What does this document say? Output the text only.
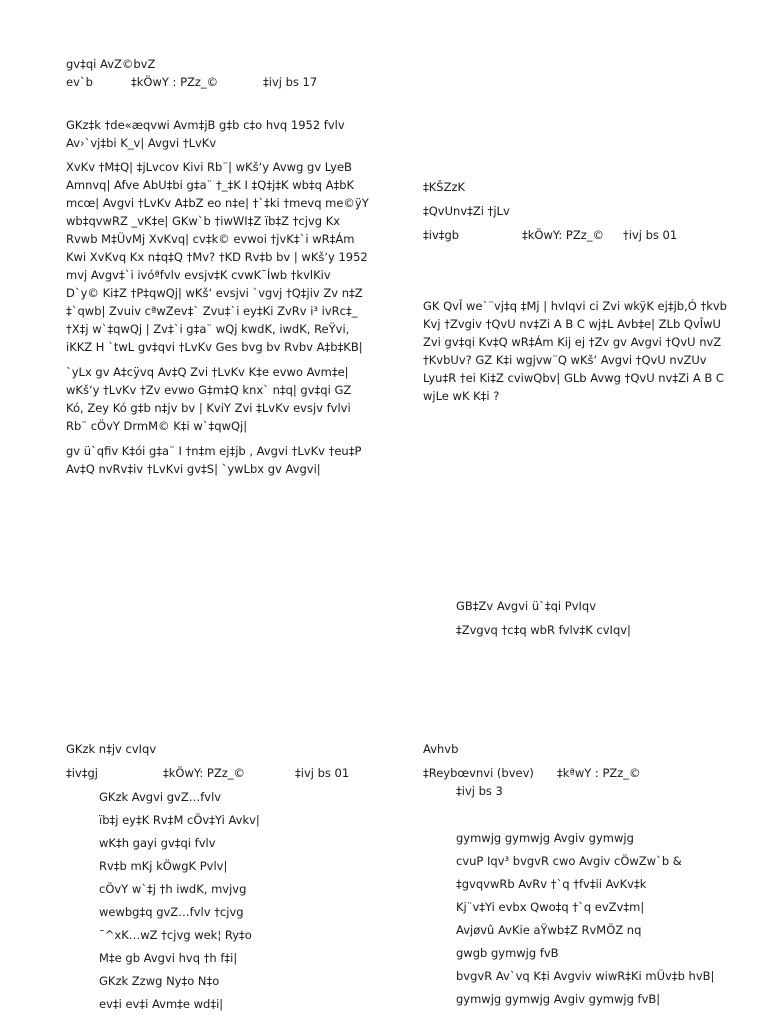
gv‡qi AvZ©bvZ
ev`b	‡kÖwY : PZz_©	‡ivj bs 17
GKz‡k †de«æqvwi Avm‡jB g‡b c‡o hvq 1952 fvlv
Av›`vj‡bi K_v| Avgvi †LvKv
XvKv †M‡Q| ‡jLvcov Kivi Rb¨| wKš‘y Avwg gv LyeB
Amnvq| Afve AbU‡bi g‡a¨ †_‡K I ‡Q‡j‡K wb‡q A‡bK
mcœ| Avgvi †LvKv A‡bZ eo n‡e| †`‡ki †mevq me©ÿY
wb‡qvwRZ _vK‡e| GKw`b †iwWI‡Z ïb‡Z †cjvg Kx
Rvwb M‡ÜvMj XvKvq| cv‡k© evwoi †jvK‡`i wR‡Ám
Kwi XvKvq Kx n‡q‡Q †Mv? †KD Rv‡b bv | wKš‘y 1952
mvj Avgv‡`i ivóªfvlv evsjv‡K cvwK¯Íwb †kvlKiv
D`y© Ki‡Z †P‡qwQj| wKš‘ evsjvi `vgvj †Q‡jiv Zv n‡Z
‡`qwb| Zvuiv cªwZev‡` Zvu‡`i ey‡Ki ZvRv i³ ivRc‡_
†X‡j w`‡qwQj | Zv‡`i g‡a¨ wQj kwdK, iwdK, ReŸvi,
iKKZ H `twL gv‡qvi †LvKv Ges bvg bv Rvbv A‡b‡KB|
`yLx gv A‡cÿvq Av‡Q Zvi †LvKv K‡e evwo Avm‡e|
wKš‘y †LvKv †Zv evwo G‡m‡Q knx` n‡q| gv‡qi GZ
Kó, Zey Kó g‡b n‡jv bv | KviY Zvi ‡LvKv evsjv fvlvi
Rb¨ cÖvY DrmM© K‡i w`‡qwQj|
gv ü`qfiv K‡ói g‡a¨ I †n‡m ej‡jb , Avgvi †LvKv †eu‡P
Av‡Q nvRv‡iv †LvKvi gv‡S| `ywLbx gv Avgvi|
‡KŠZzK
‡QvUnv‡Zi †jLv
‡iv‡gb	‡kÖwY: PZz_© †ivj bs 01
GK QvÎ we`¨vj‡q ‡Mj | hvIqvi ci Zvi wkÿK ej‡jb,Ó †kvb
Kvj †Zvgiv †QvU nv‡Zi A B C wj‡L Avb‡e| ZLb QvÎwU
Zvi gv‡qi Kv‡Q wR‡Ám Kij ej †Zv gv Avgvi †QvU nvZ
†KvbUv? GZ K‡i wgjvw¨Q wKš‘ Avgvi †QvU nvZUv
Lyu‡R †ei Ki‡Z cviwQbv| GLb Avwg †QvU nv‡Zi A B C
wjLe wK K‡i ?
GB‡Zv Avgvi ü`‡qi PvIqv
‡Zvgvq †c‡q wbR fvlv‡K cvIqv|
GKzk n‡jv cvIqv
‡iv‡gj	‡kÖwY: PZz_©	‡ivj bs 01
GKzk Avgvi gvZ…fvlv
ïb‡j ey‡K Rv‡M cÖv‡Yi Avkv|
wK‡h gayi gv‡qi fvlv
Rv‡b mKj kÖwgK Pvlv|
cÖvY w`‡j †h iwdK, mvjvg
wewbg‡q gvZ…fvlv †cjvg
¯^xK…wZ †cjvg wek¦ Ry‡o
M‡e gb Avgvi hvq †h f‡i|
GKzk Zzwg Ny‡o N‡o
ev‡i ev‡i Avm‡e wd‡i|
Avhvb
‡Reybœvnvi (bvev) ‡kªwY : PZz_©
‡ivj bs 3
gymwjg gymwjg Avgiv gymwjg
cvuP Iqv³ bvgvR cwo Avgiv cÖwZw`b &
‡gvqvwRb AvRv †`q †fv‡ii AvKv‡k
Kj¨v‡Yi evbx Qwo‡q †`q evZv‡m|
Avjøvû AvKie aŸwb‡Z RvMÖZ nq
gwgb gymwjg fvB
bvgvR Av`vq K‡i Avgviv wiwR‡Ki mÜv‡b hvB|
gymwjg gymwjg Avgiv gymwjg fvB|
